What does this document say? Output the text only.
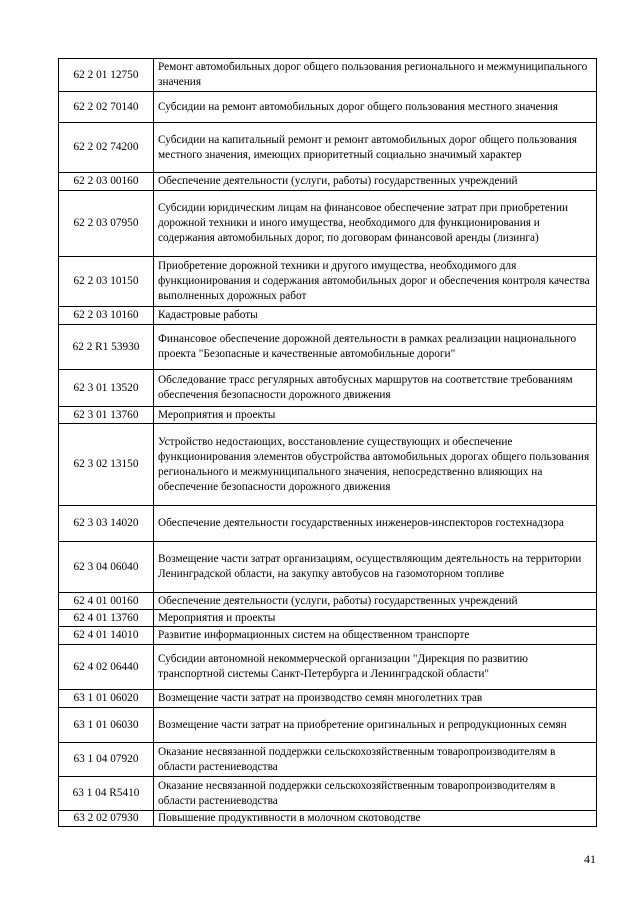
62 2 01 12750	Ремонт автомобильных дорог общего пользования регионального и межмуниципального значения
62 2 02 70140	Субсидии на ремонт автомобильных дорог общего пользования местного значения
62 2 02 74200	Субсидии на капитальный ремонт и ремонт автомобильных дорог общего пользования местного значения, имеющих приоритетный социально значимый характер
62 2 03 00160	Обеспечение деятельности (услуги, работы) государственных учреждений
62 2 03 07950	Субсидии юридическим лицам на финансовое обеспечение затрат при приобретении дорожной техники и иного имущества, необходимого для функционирования и содержания автомобильных дорог, по договорам финансовой аренды (лизинга)
62 2 03 10150	Приобретение дорожной техники и другого имущества, необходимого для функционирования и содержания автомобильных дорог и обеспечения контроля качества выполненных дорожных работ
62 2 03 10160	Кадастровые работы
62 2 R1 53930	Финансовое обеспечение дорожной деятельности в рамках реализации национального проекта "Безопасные и качественные автомобильные дороги"
62 3 01 13520	Обследование трасс регулярных автобусных маршрутов на соответствие требованиям обеспечения безопасности дорожного движения
62 3 01 13760	Мероприятия и проекты
62 3 02 13150	Устройство недостающих, восстановление существующих и обеспечение функционирования элементов обустройства автомобильных дорогах общего пользования регионального и межмуниципального значения, непосредственно влияющих на обеспечение безопасности дорожного движения
62 3 03 14020	Обеспечение деятельности государственных инженеров-инспекторов гостехнадзора
62 3 04 06040	Возмещение части затрат организациям, осуществляющим деятельность на территории Ленинградской области, на закупку автобусов на газомоторном топливе
62 4 01 00160	Обеспечение деятельности (услуги, работы) государственных учреждений
62 4 01 13760	Мероприятия и проекты
62 4 01 14010	Развитие информационных систем на общественном транспорте
62 4 02 06440	Субсидии автономной некоммерческой организации "Дирекция по развитию транспортной системы Санкт-Петербурга и Ленинградской области"
63 1 01 06020	Возмещение части затрат на производство семян многолетних трав
63 1 01 06030	Возмещение части затрат на приобретение оригинальных и репродукционных семян
63 1 04 07920	Оказание несвязанной поддержки сельскохозяйственным товаропроизводителям в области растениеводства
63 1 04 R5410	Оказание несвязанной поддержки сельскохозяйственным товаропроизводителям в области растениеводства
63 2 02 07930	Повышение продуктивности в молочном скотоводстве
41
